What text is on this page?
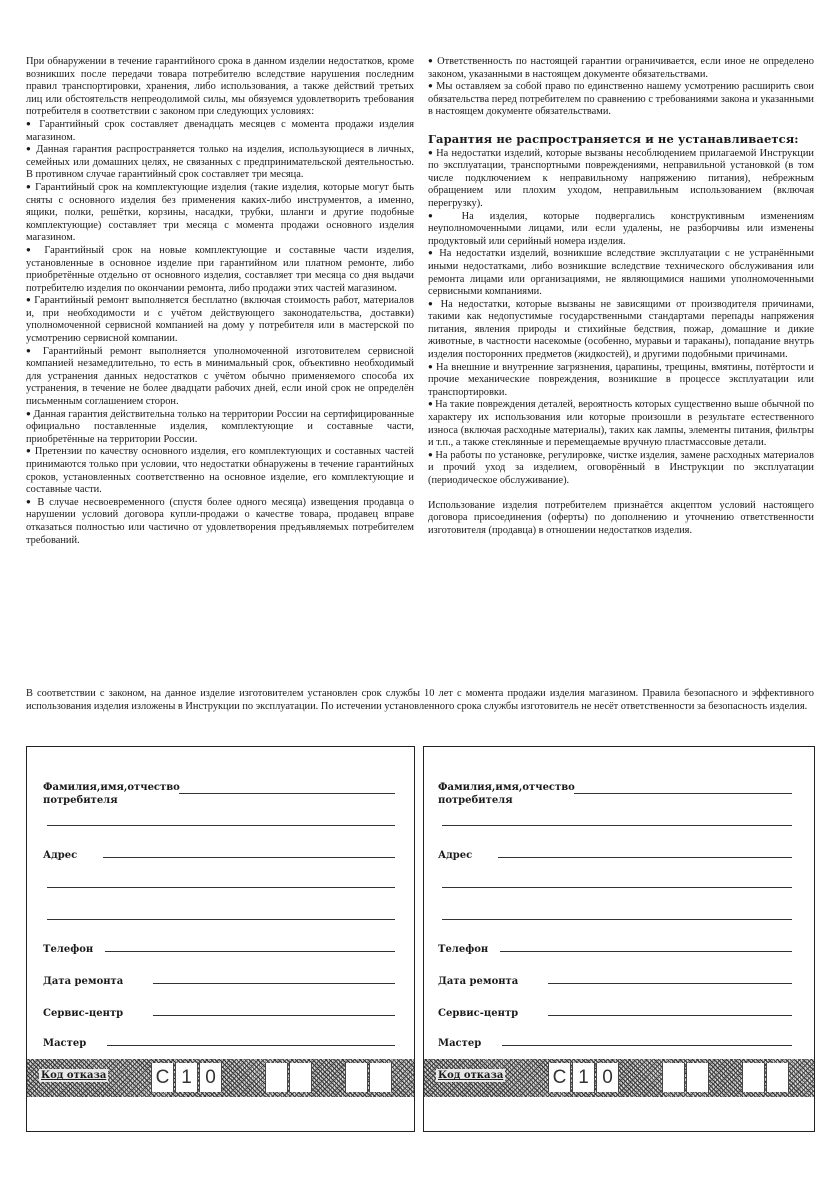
При обнаружении в течение гарантийного срока в данном изделии недостатков, кроме возникших после передачи товара потребителю вследствие нарушения последним правил транспортировки, хранения, либо использования, а также действий третьих лиц или обстоятельств непреодолимой силы, мы обязуемся удовлетворить требования потребителя в соответствии с законом при следующих условиях:

● Гарантийный срок составляет двенадцать месяцев с момента продажи изделия магазином.

● Данная гарантия распространяется только на изделия, использующиеся в личных, семейных или домашних целях, не связанных с предпринимательской деятельностью. В противном случае гарантийный срок составляет три месяца.

● Гарантийный срок на комплектующие изделия (такие изделия, которые могут быть сняты с основного изделия без применения каких-либо инструментов, а именно, ящики, полки, решётки, корзины, насадки, трубки, шланги и другие подобные комплектующие) составляет три месяца с момента продажи основного изделия магазином.

● Гарантийный срок на новые комплектующие и составные части изделия, установленные в основное изделие при гарантийном или платном ремонте, либо приобретённые отдельно от основного изделия, составляет три месяца со дня выдачи потребителю изделия по окончании ремонта, либо продажи этих частей магазином.

● Гарантийный ремонт выполняется бесплатно (включая стоимость работ, материалов и, при необходимости и с учётом действующего законодательства, доставки) уполномоченной сервисной компанией на дому у потребителя или в мастерской по усмотрению сервисной компании.

● Гарантийный ремонт выполняется уполномоченной изготовителем сервисной компанией незамедлительно, то есть в минимальный срок, объективно необходимый для устранения данных недостатков с учётом обычно применяемого способа их устранения, в течение не более двадцати рабочих дней, если иной срок не определён письменным соглашением сторон.

● Данная гарантия действительна только на территории России на сертифицированные официально поставленные изделия, комплектующие и составные части, приобретённые на территории России.

● Претензии по качеству основного изделия, его комплектующих и составных частей принимаются только при условии, что недостатки обнаружены в течение гарантийных сроков, установленных соответственно на основное изделие, его комплектующие и составные части.

● В случае несвоевременного (спустя более одного месяца) извещения продавца о нарушении условий договора купли-продажи о качестве товара, продавец вправе отказаться полностью или частично от удовлетворения предъявляемых потребителем требований.

● Ответственность по настоящей гарантии ограничивается, если иное не определено законом, указанными в настоящем документе обязательствами.

● Мы оставляем за собой право по единственно нашему усмотрению расширить свои обязательства перед потребителем по сравнению с требованиями закона и указанными в настоящем документе обязательствами.

Гарантия не распространяется и не устанавливается:

● На недостатки изделий, которые вызваны несоблюдением прилагаемой Инструкции по эксплуатации, транспортными повреждениями, неправильной установкой (в том числе подключением к неправильному напряжению питания), небрежным обращением или плохим уходом, неправильным использованием (включая перегрузку).

● На изделия, которые подвергались конструктивным изменениям неуполномоченными лицами, или если удалены, не разборчивы или изменены продуктовый или серийный номера изделия.

● На недостатки изделий, возникшие вследствие эксплуатации с не устранёнными иными недостатками, либо возникшие вследствие технического обслуживания или ремонта лицами или организациями, не являющимися нашими уполномоченными сервисными компаниями.

● На недостатки, которые вызваны не зависящими от производителя причинами, такими как недопустимые государственными стандартами перепады напряжения питания, явления природы и стихийные бедствия, пожар, домашние и дикие животные, в частности насекомые (особенно, муравьи и тараканы), попадание внутрь изделия посторонних предметов (жидкостей), и другими подобными причинами.

● На внешние и внутренние загрязнения, царапины, трещины, вмятины, потёртости и прочие механические повреждения, возникшие в процессе эксплуатации или транспортировки.

● На такие повреждения деталей, вероятность которых существенно выше обычной по характеру их использования или которые произошли в результате естественного износа (включая расходные материалы), таких как лампы, элементы питания, фильтры и т.п., а также стеклянные и перемещаемые вручную пластмассовые детали.

● На работы по установке, регулировке, чистке изделия, замене расходных материалов и прочий уход за изделием, оговорённый в Инструкции по эксплуатации (периодическое обслуживание).

Использование изделия потребителем признаётся акцептом условий настоящего договора присоединения (оферты) по дополнению и уточнению ответственности изготовителя (продавца) в отношении недостатков изделия.

В соответствии с законом, на данное изделие изготовителем установлен срок службы 10 лет с момента продажи изделия магазином. Правила безопасного и эффективного использования изделия изложены в Инструкции по эксплуатации. По истечении установленного срока службы изготовитель не несёт ответственности за безопасность изделия.

Фамилия,имя,отчество
потребителя
Адрес
Телефон
Дата ремонта
Сервис-центр
Мастер
Код отказа	C 1 0
Фамилия,имя,отчество
потребителя
Адрес
Телефон
Дата ремонта
Сервис-центр
Мастер
Код отказа	C 1 0
